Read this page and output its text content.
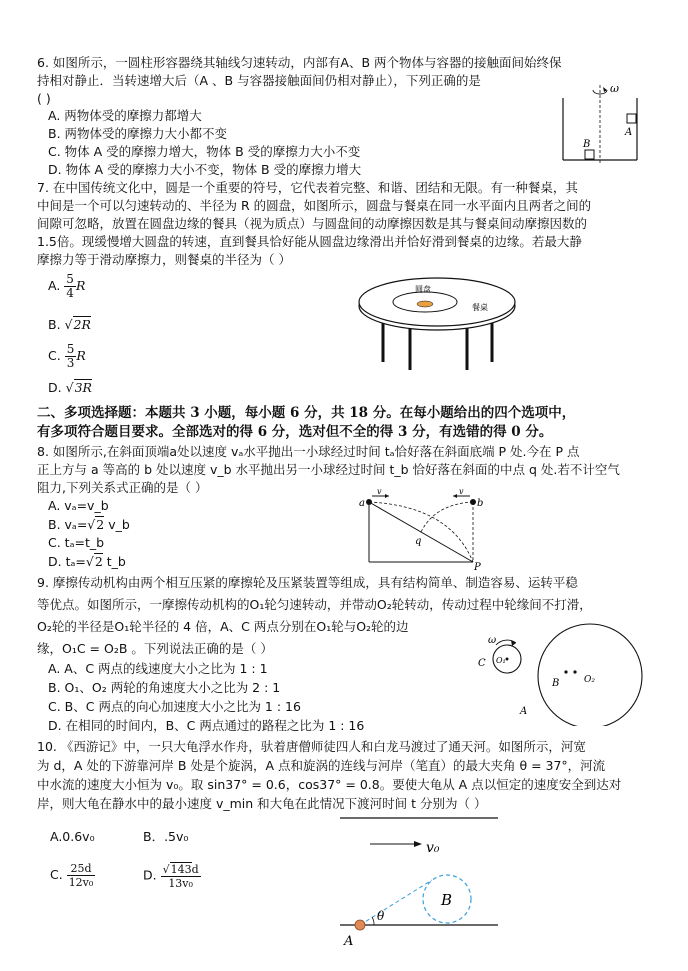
6. 如图所示，一圆柱形容器绕其轴线匀速转动，内部有A、B 两个物体与容器的接触面间始终保
持相对静止．当转速增大后（A 、B 与容器接触面间仍相对静止），下列正确的是
( )
A. 两物体受的摩擦力都增大
B. 两物体受的摩擦力大小都不变
C. 物体 A 受的摩擦力增大，物体 B 受的摩擦力大小不变
D. 物体 A 受的摩擦力大小不变，物体 B 受的摩擦力增大
ω
A
B
7. 在中国传统文化中，圆是一个重要的符号，它代表着完整、和谐、团结和无限。有一种餐桌，其
中间是一个可以匀速转动的、半径为 R 的圆盘，如图所示，圆盘与餐桌在同一水平面内且两者之间的
间隙可忽略，放置在圆盘边缘的餐具（视为质点）与圆盘间的动摩擦因数是其与餐桌间动摩擦因数的
1.5倍。现缓慢增大圆盘的转速，直到餐具恰好能从圆盘边缘滑出并恰好滑到餐桌的边缘。若最大静
摩擦力等于滑动摩擦力，则餐桌的半径为（ ）
A. $\frac{5}{4}$ R
B. √2R
C. $\frac{5}{3}$ R
D. √3R
圆盘
餐桌
二、多项选择题：本题共 3 小题，每小题 6 分，共 18 分。在每小题给出的四个选项中，
有多项符合题目要求。全部选对的得 6 分，选对但不全的得 3 分，有选错的得 0 分。
8. 如图所示,在斜面顶端a处以速度 vₐ水平抛出一小球经过时间 tₐ恰好落在斜面底端 P 处.今在 P 点
正上方与 a 等高的 b 处以速度 v_b 水平抛出另一小球经过时间 t_b 恰好落在斜面的中点 q 处.若不计空气
阻力,下列关系式正确的是（ ）
A. vₐ=v_b
B. vₐ=√2 v_b
C. tₐ=t_b
D. tₐ=√2 t_b
v	v
a	b
q
P
9. 摩擦传动机构由两个相互压紧的摩擦轮及压紧装置等组成，具有结构简单、制造容易、运转平稳
等优点。如图所示，一摩擦传动机构的O₁轮匀速转动，并带动O₂轮转动，传动过程中轮缘间不打滑，
O₂轮的半径是O₁轮半径的 4 倍，A、C 两点分别在O₁轮与O₂轮的边
缘，O₁C = O₂B 。下列说法正确的是（ ）
A. A、C 两点的线速度大小之比为 1 : 1
B. O₁、O₂ 两轮的角速度大小之比为 2 : 1
C. B、C 两点的向心加速度大小之比为 1 : 16
D. 在相同的时间内，B、C 两点通过的路程之比为 1 : 16
ω
C O₁
B	O₂
A
10. 《西游记》中，一只大龟浮水作舟，驮着唐僧师徒四人和白龙马渡过了通天河。如图所示，河宽
为 d，A 处的下游靠河岸 B 处是个旋涡，A 点和旋涡的连线与河岸（笔直）的最大夹角 θ = 37°，河流
中水流的速度大小恒为 v₀。取 sin37° = 0.6，cos37° = 0.8。要使大龟从 A 点以恒定的速度安全到达对
岸，则大龟在静水中的最小速度 v_min 和大龟在此情况下渡河时间 t 分别为（ ）
A.0.6v₀	B．.5v₀
C. $\frac{25d}{\text{12v₀}}$	D. $\frac{√143d}{\text{13v₀}}$
v₀
B
θ
A
